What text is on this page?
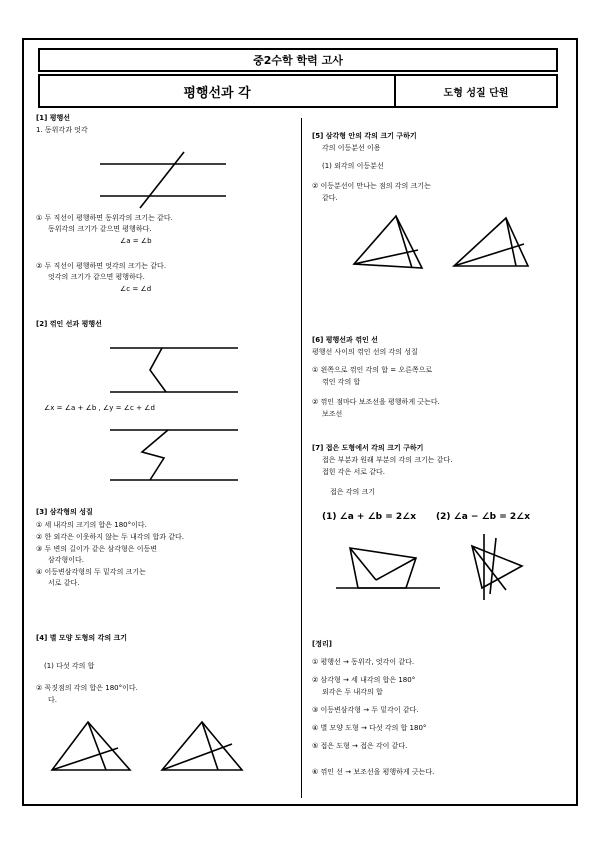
중2수학 학력 고사
평행선과 각	도형 성질 단원
[1] 평행선
1. 동위각과 엇각
① 두 직선이 평행하면 동위각의 크기는 같다.
동위각의 크기가 같으면 평행하다.
∠a = ∠b
② 두 직선이 평행하면 엇각의 크기는 같다.
엇각의 크기가 같으면 평행하다.
∠c = ∠d
[2] 꺾인 선과 평행선
∠x = ∠a + ∠b , ∠y = ∠c + ∠d
[3] 삼각형의 성질
① 세 내각의 크기의 합은 180°이다.
② 한 외각은 이웃하지 않는 두 내각의 합과 같다.
③ 두 변의 길이가 같은 삼각형은 이등변
삼각형이다.
④ 이등변삼각형의 두 밑각의 크기는
서로 같다.
[4] 별 모양 도형의 각의 크기
(1) 다섯 각의 합
② 꼭짓점의 각의 합은 180°이다.
다.
[5] 삼각형 안의 각의 크기 구하기
각의 이등분선 이용
(1) 외각의 이등분선
② 이등분선이 만나는 점의 각의 크기는
같다.
[6] 평행선과 꺾인 선
평행선 사이의 꺾인 선의 각의 성질
① 왼쪽으로 꺾인 각의 합 = 오른쪽으로
꺾인 각의 합
② 꺾인 점마다 보조선을 평행하게 긋는다.
보조선
[7] 접은 도형에서 각의 크기 구하기
접은 부분과 원래 부분의 각의 크기는 같다.
접힌 각은 서로 같다.
접은 각의 크기
(1) ∠a + ∠b = 2∠x (2) ∠a − ∠b = 2∠x
[정리]
① 평행선 → 동위각, 엇각이 같다.
② 삼각형 → 세 내각의 합은 180°
외각은 두 내각의 합
③ 이등변삼각형 → 두 밑각이 같다.
④ 별 모양 도형 → 다섯 각의 합 180°
⑤ 접은 도형 → 접은 각이 같다.
⑥ 꺾인 선 → 보조선을 평행하게 긋는다.
